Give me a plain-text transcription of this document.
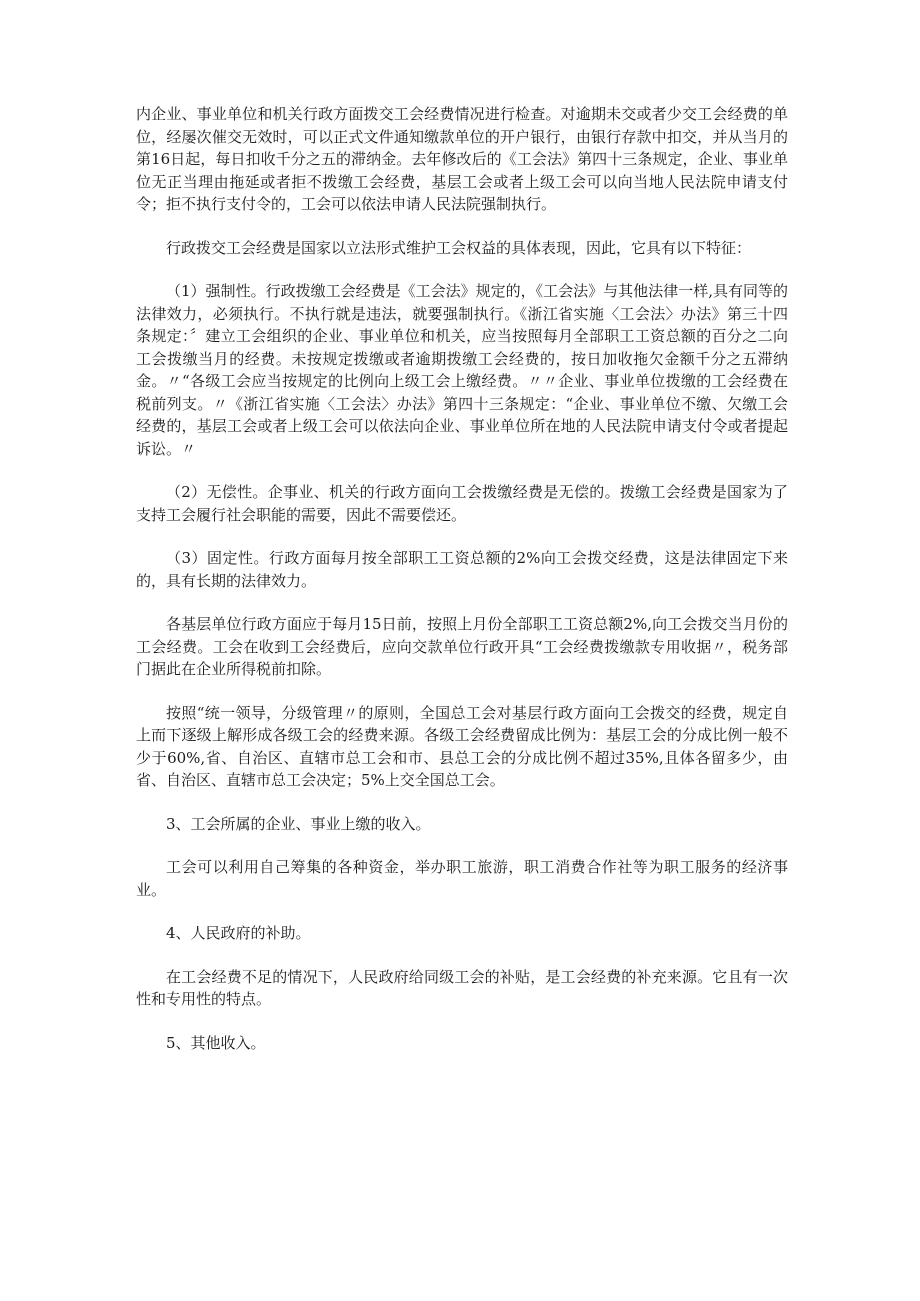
内企业、事业单位和机关行政方面拨交工会经费情况进行检查。对逾期未交或者少交工会经费的单位，经屡次催交无效时，可以正式文件通知缴款单位的开户银行，由银行存款中扣交，并从当月的第16日起，每日扣收千分之五的滞纳金。去年修改后的《工会法》第四十三条规定，企业、事业单位无正当理由拖延或者拒不拨缴工会经费，基层工会或者上级工会可以向当地人民法院申请支付令；拒不执行支付令的，工会可以依法申请人民法院强制执行。

行政拨交工会经费是国家以立法形式维护工会权益的具体表现，因此，它具有以下特征：

（1）强制性。行政拨缴工会经费是《工会法》规定的，《工会法》与其他法律一样,具有同等的法律效力，必须执行。不执行就是违法，就要强制执行。《浙江省实施〈工会法〉办法》第三十四条规定：〞建立工会组织的企业、事业单位和机关，应当按照每月全部职工工资总额的百分之二向工会拨缴当月的经费。未按规定拨缴或者逾期拨缴工会经费的，按日加收拖欠金额千分之五滞纳金。〃“各级工会应当按规定的比例向上级工会上缴经费。〃〃企业、事业单位拨缴的工会经费在税前列支。〃《浙江省实施〈工会法〉办法》第四十三条规定：“企业、事业单位不缴、欠缴工会经费的，基层工会或者上级工会可以依法向企业、事业单位所在地的人民法院申请支付令或者提起诉讼。〃

（2）无偿性。企事业、机关的行政方面向工会拨缴经费是无偿的。拨缴工会经费是国家为了支持工会履行社会职能的需要，因此不需要偿还。

（3）固定性。行政方面每月按全部职工工资总额的2%向工会拨交经费，这是法律固定下来的，具有长期的法律效力。

各基层单位行政方面应于每月15日前，按照上月份全部职工工资总额2%,向工会拨交当月份的工会经费。工会在收到工会经费后，应向交款单位行政开具“工会经费拨缴款专用收据〃，税务部门据此在企业所得税前扣除。

按照“统一领导，分级管理〃的原则，全国总工会对基层行政方面向工会拨交的经费，规定自上而下逐级上解形成各级工会的经费来源。各级工会经费留成比例为：基层工会的分成比例一般不少于60%,省、自治区、直辖市总工会和市、县总工会的分成比例不超过35%,且体各留多少，由省、自治区、直辖市总工会决定；5%上交全国总工会。

3、工会所属的企业、事业上缴的收入。

工会可以利用自己筹集的各种资金，举办职工旅游，职工消费合作社等为职工服务的经济事业。

4、人民政府的补助。

在工会经费不足的情况下，人民政府给同级工会的补贴，是工会经费的补充来源。它且有一次性和专用性的特点。

5、其他收入。
